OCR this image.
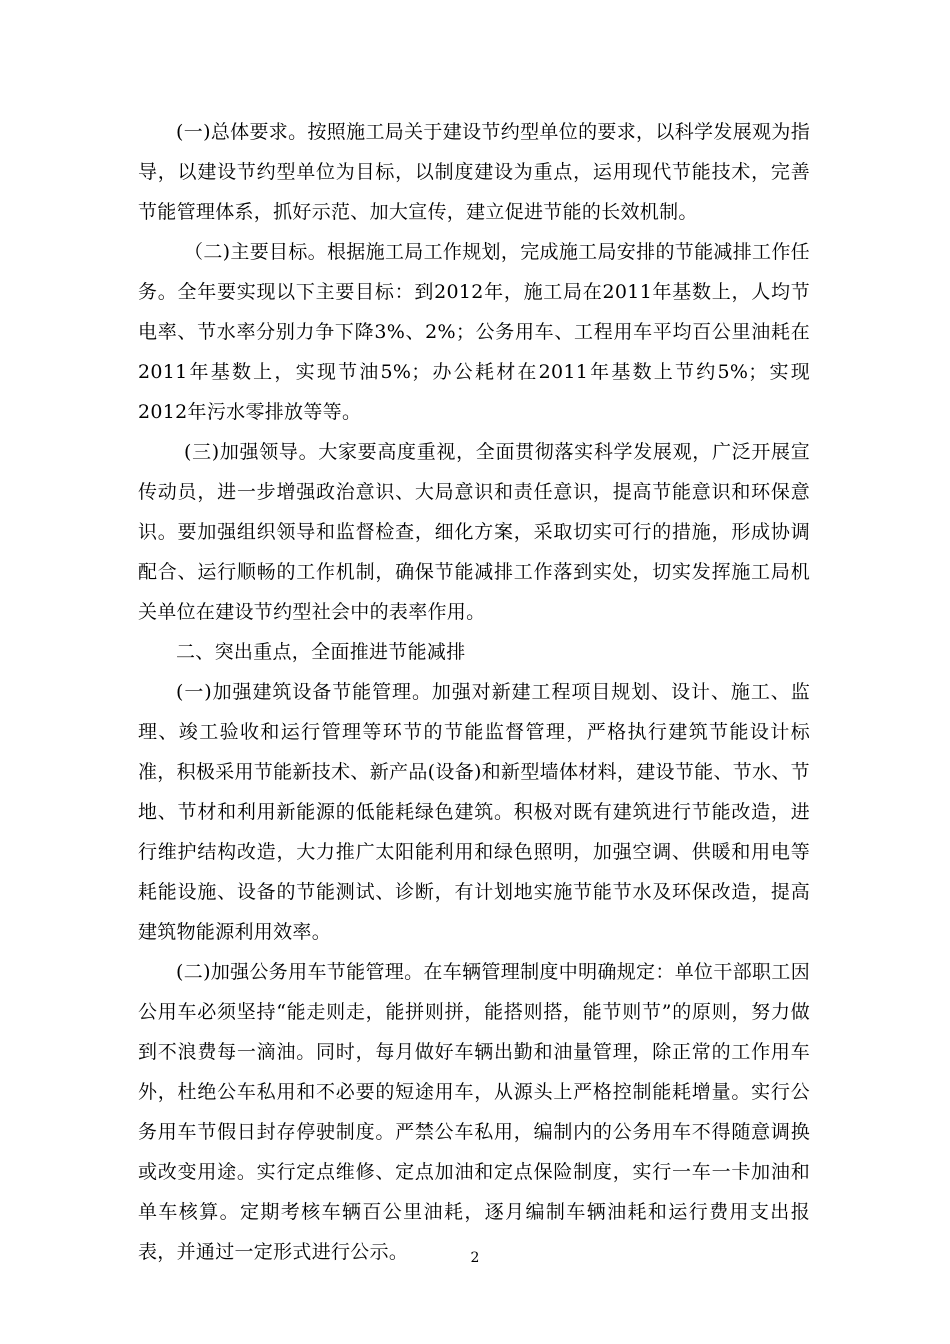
(一)总体要求。按照施工局关于建设节约型单位的要求，以科学发展观为指导，以建设节约型单位为目标，以制度建设为重点，运用现代节能技术，完善节能管理体系，抓好示范、加大宣传，建立促进节能的长效机制。

（二)主要目标。根据施工局工作规划，完成施工局安排的节能减排工作任务。全年要实现以下主要目标：到2012年，施工局在2011年基数上，人均节电率、节水率分别力争下降3%、2%；公务用车、工程用车平均百公里油耗在2011年基数上，实现节油5%；办公耗材在2011年基数上节约5%；实现2012年污水零排放等等。

(三)加强领导。大家要高度重视，全面贯彻落实科学发展观，广泛开展宣传动员，进一步增强政治意识、大局意识和责任意识，提高节能意识和环保意识。要加强组织领导和监督检查，细化方案，采取切实可行的措施，形成协调配合、运行顺畅的工作机制，确保节能减排工作落到实处，切实发挥施工局机关单位在建设节约型社会中的表率作用。

二、突出重点，全面推进节能减排

(一)加强建筑设备节能管理。加强对新建工程项目规划、设计、施工、监理、竣工验收和运行管理等环节的节能监督管理，严格执行建筑节能设计标准，积极采用节能新技术、新产品(设备)和新型墙体材料，建设节能、节水、节地、节材和利用新能源的低能耗绿色建筑。积极对既有建筑进行节能改造，进行维护结构改造，大力推广太阳能利用和绿色照明，加强空调、供暖和用电等耗能设施、设备的节能测试、诊断，有计划地实施节能节水及环保改造，提高建筑物能源利用效率。

(二)加强公务用车节能管理。在车辆管理制度中明确规定：单位干部职工因公用车必须坚持“能走则走，能拼则拼，能搭则搭，能节则节”的原则，努力做到不浪费每一滴油。同时，每月做好车辆出勤和油量管理，除正常的工作用车外，杜绝公车私用和不必要的短途用车，从源头上严格控制能耗增量。实行公务用车节假日封存停驶制度。严禁公车私用，编制内的公务用车不得随意调换或改变用途。实行定点维修、定点加油和定点保险制度，实行一车一卡加油和单车核算。定期考核车辆百公里油耗，逐月编制车辆油耗和运行费用支出报表，并通过一定形式进行公示。	2
